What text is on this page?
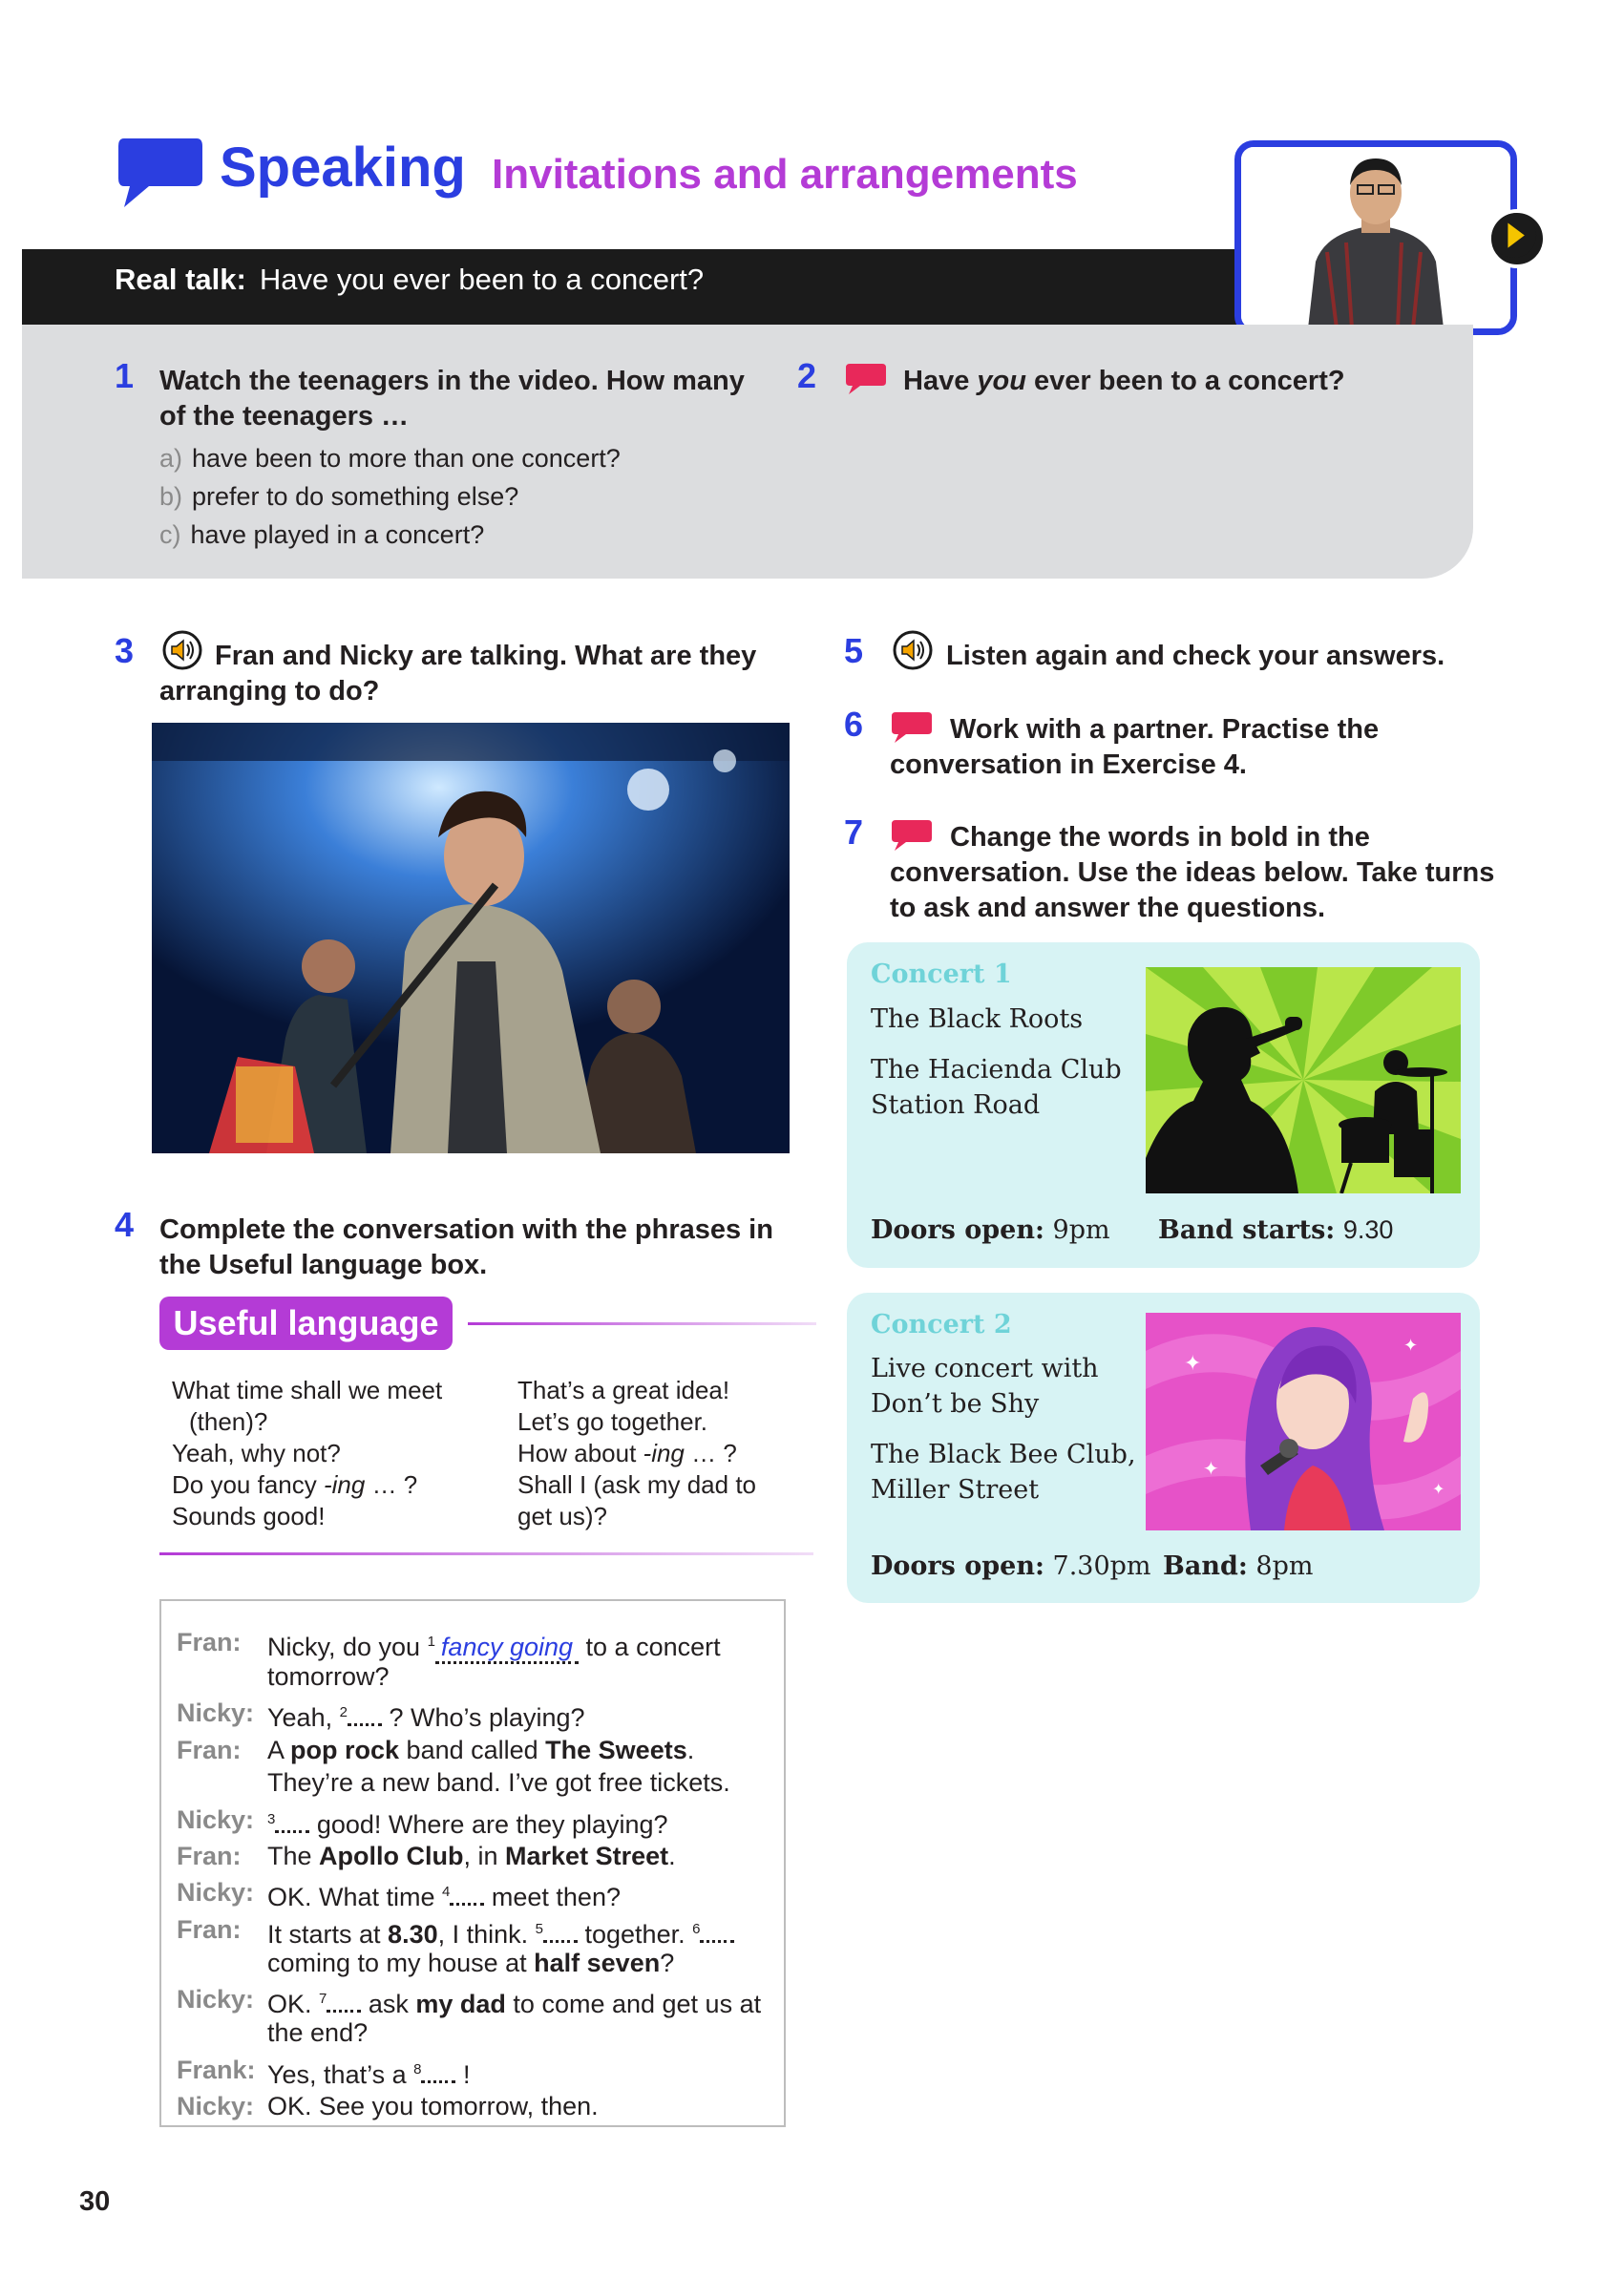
Speaking Invitations and arrangements
Real talk: Have you ever been to a concert?
1 Watch the teenagers in the video. How many
of the teenagers …
a) have been to more than one concert?
b) prefer to do something else?
c) have played in a concert?
2	Have you ever been to a concert?
3	Fran and Nicky are talking. What are they
arranging to do?
4 Complete the conversation with the phrases in
the Useful language box.
Useful language
What time shall we meet
(then)?
Yeah, why not?
Do you fancy -ing … ?
Sounds good!
That’s a great idea!
Let’s go together.
How about -ing … ?
Shall I (ask my dad to
get us)?
Fran: Nicky, do you $^1$ fancy going to a concert
tomorrow?
Nicky: Yeah, $^2$ ? Who’s playing?
Fran: A pop rock band called The Sweets.
They’re a new band. I’ve got free tickets.
Nicky: $^3$ good! Where are they playing?
Fran: The Apollo Club, in Market Street.
Nicky: OK. What time $^4$ meet then?
Fran: It starts at 8.30, I think. $^5$ together. $^6$
coming to my house at half seven?
Nicky: OK. $^7$ ask my dad to come and get us at
the end?
Frank: Yes, that’s a $^8$ !
Nicky: OK. See you tomorrow, then.
5	Listen again and check your answers.
6	Work with a partner. Practise the
conversation in Exercise 4.
7	Change the words in bold in the
conversation. Use the ideas below. Take turns
to ask and answer the questions.
Concert 1
The Black Roots
The Hacienda Club
Station Road
Doors open: 9pm Band starts: 9.30
Concert 2
Live concert with
Don’t be Shy
The Black Bee Club,
Miller Street
✦
✦
✦
✦
Doors open: 7.30pm Band: 8pm
30
